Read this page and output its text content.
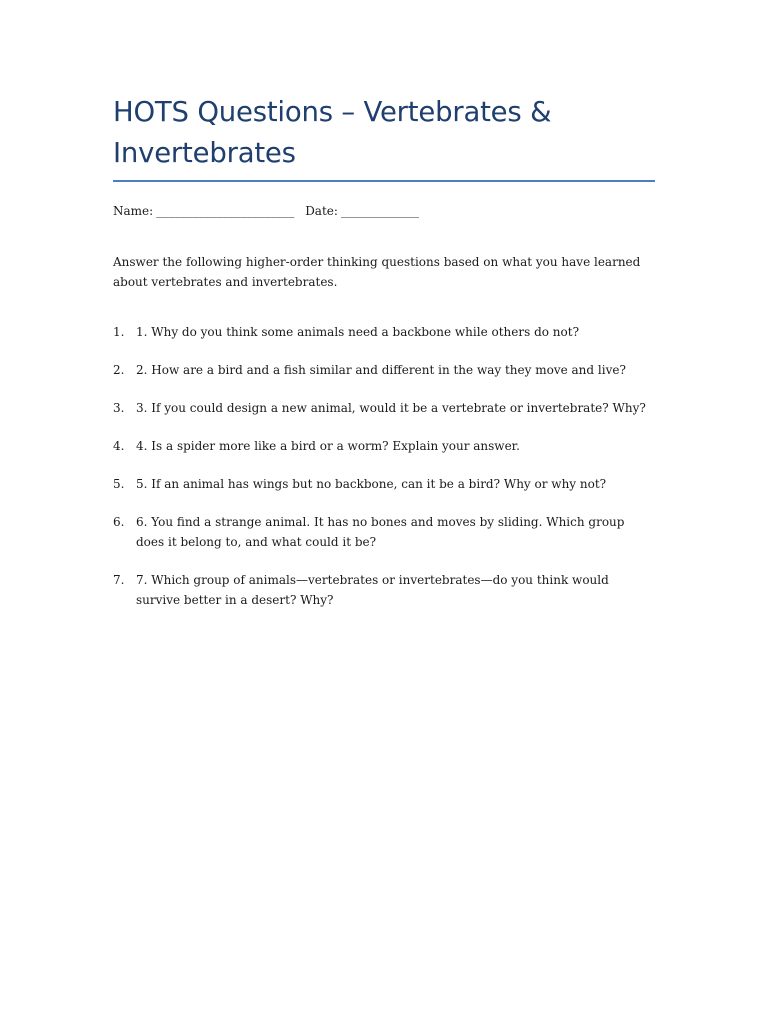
HOTS Questions – Vertebrates & Invertebrates
Name: _______________________ Date: _____________

Answer the following higher-order thinking questions based on what you have learned about vertebrates and invertebrates.

1. 1. Why do you think some animals need a backbone while others do not?
2. 2. How are a bird and a fish similar and different in the way they move and live?
3. 3. If you could design a new animal, would it be a vertebrate or invertebrate? Why?
4. 4. Is a spider more like a bird or a worm? Explain your answer.
5. 5. If an animal has wings but no backbone, can it be a bird? Why or why not?
6. 6. You find a strange animal. It has no bones and moves by sliding. Which group does it belong to, and what could it be?
7. 7. Which group of animals—vertebrates or invertebrates—do you think would survive better in a desert? Why?
